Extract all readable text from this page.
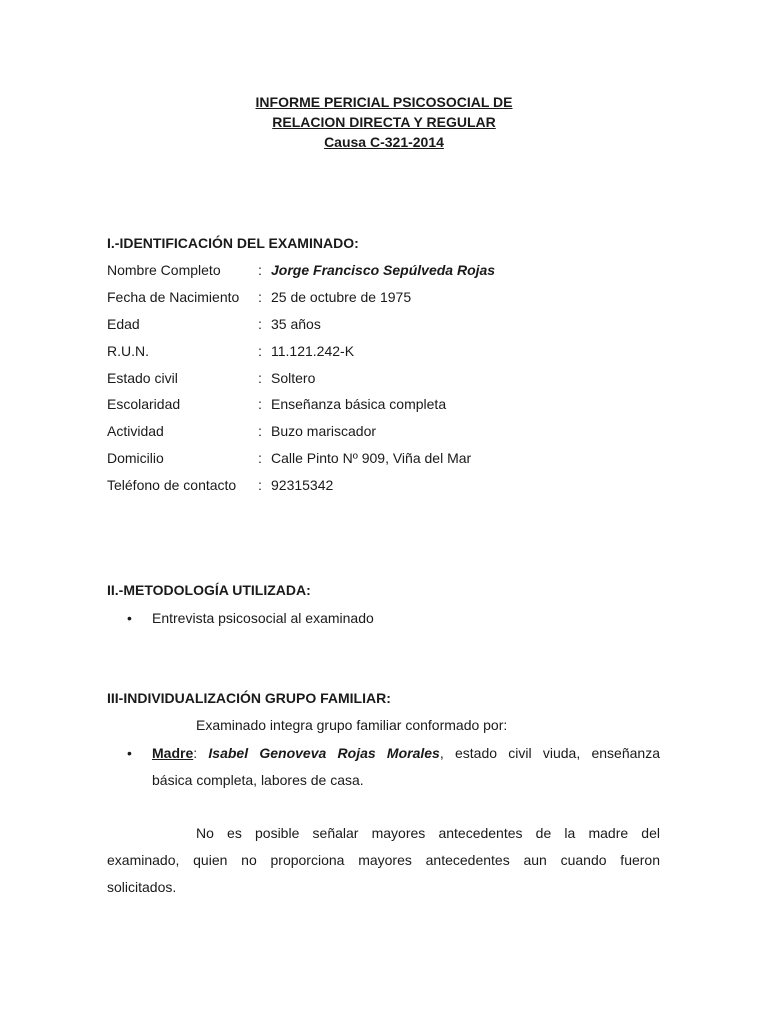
INFORME PERICIAL PSICOSOCIAL DE
RELACION DIRECTA Y REGULAR
Causa C-321-2014
I.-IDENTIFICACIÓN DEL EXAMINADO:
Nombre Completo	: Jorge Francisco Sepúlveda Rojas
Fecha de Nacimiento : 25 de octubre de 1975
Edad	: 35 años
R.U.N.	: 11.121.242-K
Estado civil	: Soltero
Escolaridad	: Enseñanza básica completa
Actividad	: Buzo mariscador
Domicilio	: Calle Pinto Nº 909, Viña del Mar
Teléfono de contacto : 92315342
II.-METODOLOGÍA UTILIZADA:
• Entrevista psicosocial al examinado
III-INDIVIDUALIZACIÓN GRUPO FAMILIAR:
Examinado integra grupo familiar conformado por:
• Madre: Isabel Genoveva Rojas Morales, estado civil viuda, enseñanza
básica completa, labores de casa.
No es posible señalar mayores antecedentes de la madre del
examinado, quien no proporciona mayores antecedentes aun cuando fueron
solicitados.
